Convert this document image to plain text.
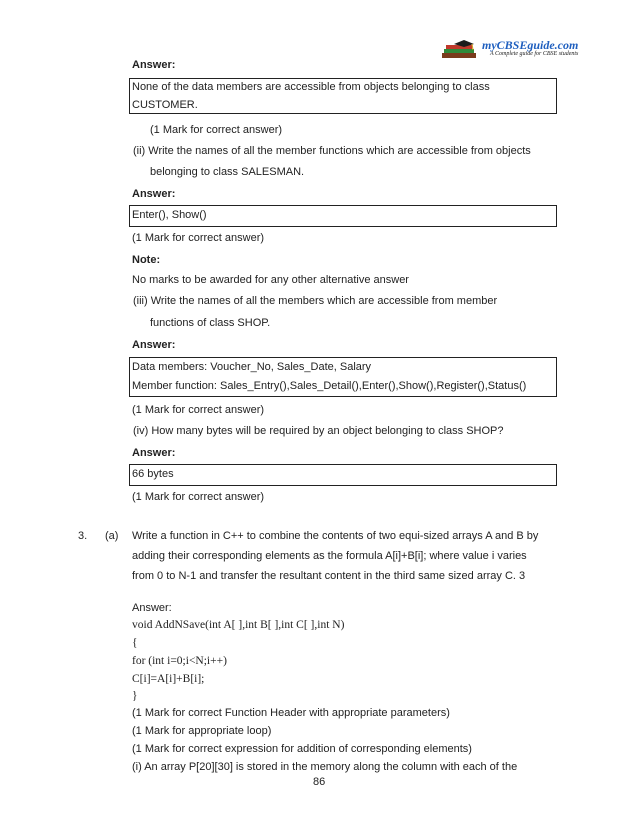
myCBSEguide.com
A Complete guide for CBSE students
Answer:
None of the data members are accessible from objects belonging to class
CUSTOMER.
(1 Mark for correct answer)
(ii) Write the names of all the member functions which are accessible from objects
belonging to class SALESMAN.
Answer:
Enter(), Show()
(1 Mark for correct answer)
Note:
No marks to be awarded for any other alternative answer
(iii) Write the names of all the members which are accessible from member
functions of class SHOP.
Answer:
Data members: Voucher_No, Sales_Date, Salary
Member function: Sales_Entry(),Sales_Detail(),Enter(),Show(),Register(),Status()
(1 Mark for correct answer)
(iv) How many bytes will be required by an object belonging to class SHOP?
Answer:
66 bytes
(1 Mark for correct answer)
3. (a) Write a function in C++ to combine the contents of two equi-sized arrays A and B by
adding their corresponding elements as the formula A[i]+B[i]; where value i varies
from 0 to N-1 and transfer the resultant content in the third same sized array C. 3
Answer:
void AddNSave(int A[ ],int B[ ],int C[ ],int N)
{
for (int i=0;i<N;i++)
C[i]=A[i]+B[i];
}
(1 Mark for correct Function Header with appropriate parameters)
(1 Mark for appropriate loop)
(1 Mark for correct expression for addition of corresponding elements)
(i) An array P[20][30] is stored in the memory along the column with each of the
86
